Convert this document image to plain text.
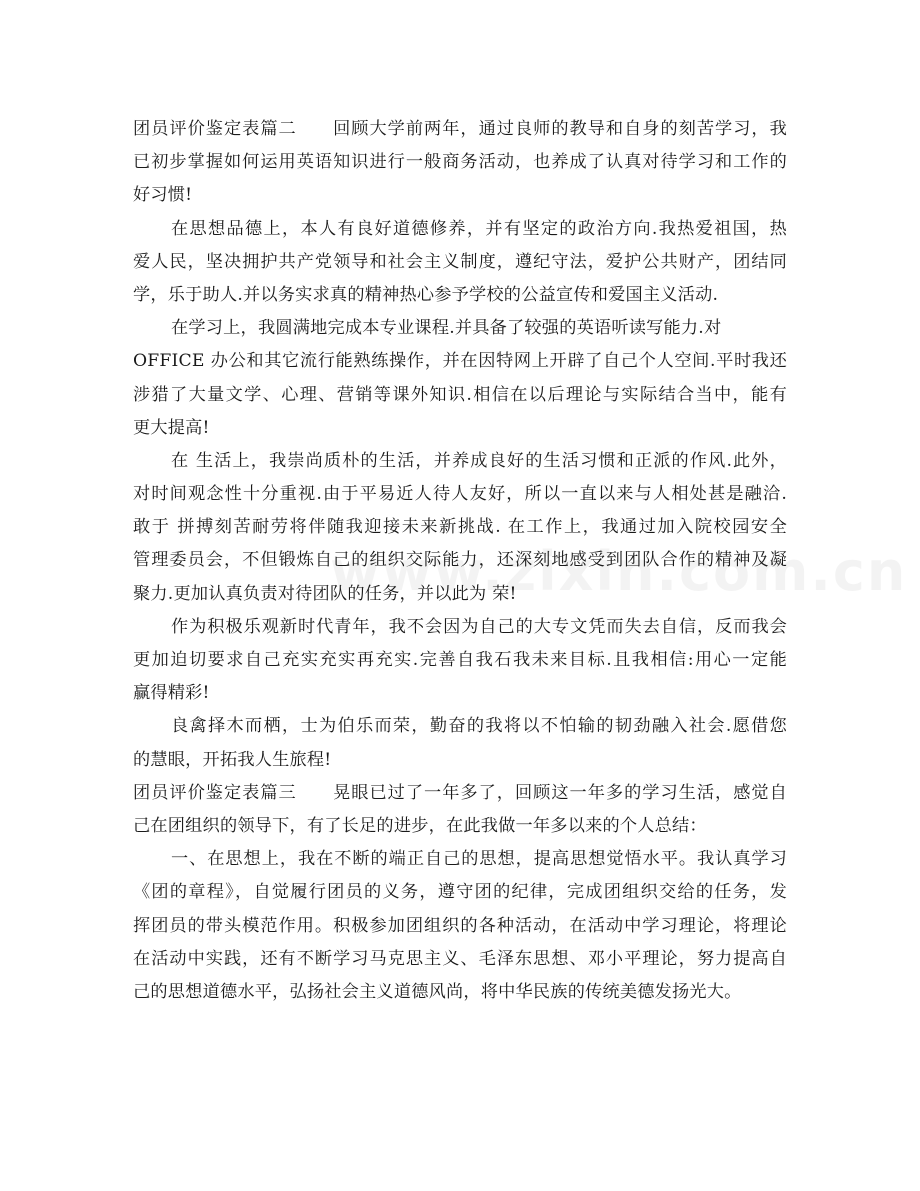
团员评价鉴定表篇二　　回顾大学前两年，通过良师的教导和自身的刻苦学习，我
已初步掌握如何运用英语知识进行一般商务活动，也养成了认真对待学习和工作的
好习惯!
在思想品德上，本人有良好道德修养，并有坚定的政治方向.我热爱祖国，热
爱人民，坚决拥护共产党领导和社会主义制度，遵纪守法，爱护公共财产，团结同
学，乐于助人.并以务实求真的精神热心参予学校的公益宣传和爱国主义活动.
在学习上，我圆满地完成本专业课程.并具备了较强的英语听读写能力.对
OFFICE 办公和其它流行能熟练操作，并在因特网上开辟了自己个人空间.平时我还
涉猎了大量文学、心理、营销等课外知识.相信在以后理论与实际结合当中，能有
更大提高!
在 生活上，我崇尚质朴的生活，并养成良好的生活习惯和正派的作风.此外，
对时间观念性十分重视.由于平易近人待人友好，所以一直以来与人相处甚是融洽.
敢于 拼搏刻苦耐劳将伴随我迎接未来新挑战. 在工作上，我通过加入院校园安全
管理委员会，不但锻炼自己的组织交际能力，还深刻地感受到团队合作的精神及凝
聚力.更加认真负责对待团队的任务，并以此为 荣!
作为积极乐观新时代青年，我不会因为自己的大专文凭而失去自信，反而我会
更加迫切要求自己充实充实再充实.完善自我石我未来目标.且我相信:用心一定能
赢得精彩!
良禽择木而栖，士为伯乐而荣，勤奋的我将以不怕输的韧劲融入社会.愿借您
的慧眼，开拓我人生旅程!
团员评价鉴定表篇三　　晃眼已过了一年多了，回顾这一年多的学习生活，感觉自
己在团组织的领导下，有了长足的进步，在此我做一年多以来的个人总结：
一、在思想上，我在不断的端正自己的思想，提高思想觉悟水平。我认真学习
《团的章程》，自觉履行团员的义务，遵守团的纪律，完成团组织交给的任务，发
挥团员的带头模范作用。积极参加团组织的各种活动，在活动中学习理论，将理论
在活动中实践，还有不断学习马克思主义、毛泽东思想、邓小平理论，努力提高自
己的思想道德水平，弘扬社会主义道德风尚，将中华民族的传统美德发扬光大。
